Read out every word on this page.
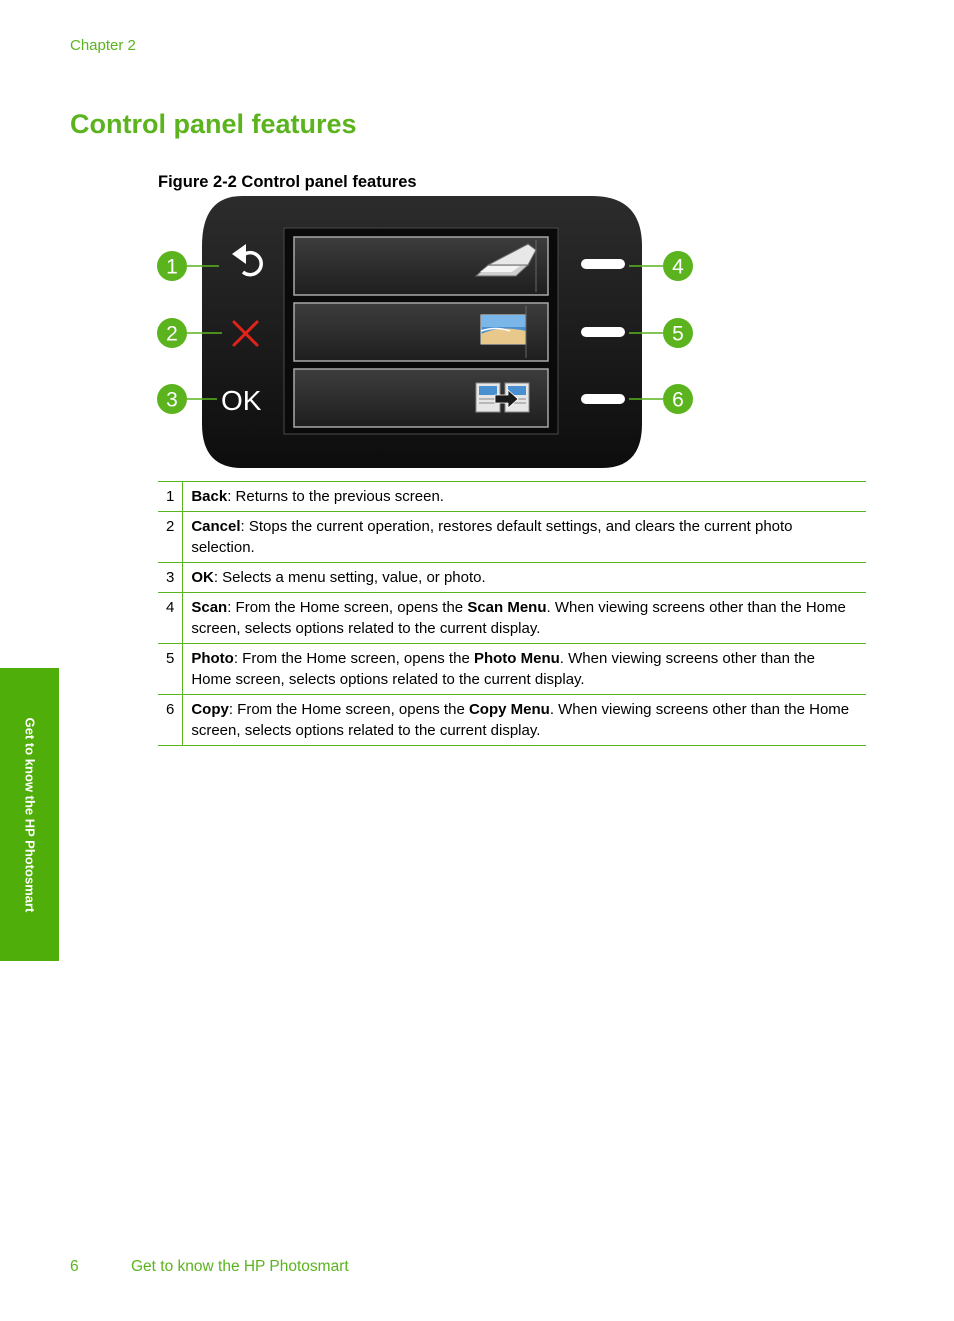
Chapter 2
Control panel features
Figure 2-2 Control panel features
OK
1
2
3
4
5
6
1	Back: Returns to the previous screen.
2	Cancel: Stops the current operation, restores default settings, and clears the current photo selection.
3	OK: Selects a menu setting, value, or photo.
4	Scan: From the Home screen, opens the Scan Menu. When viewing screens other than the Home screen, selects options related to the current display.
5	Photo: From the Home screen, opens the Photo Menu. When viewing screens other than the Home screen, selects options related to the current display.
6	Copy: From the Home screen, opens the Copy Menu. When viewing screens other than the Home screen, selects options related to the current display.
Get to know the HP Photosmart
6	Get to know the HP Photosmart
